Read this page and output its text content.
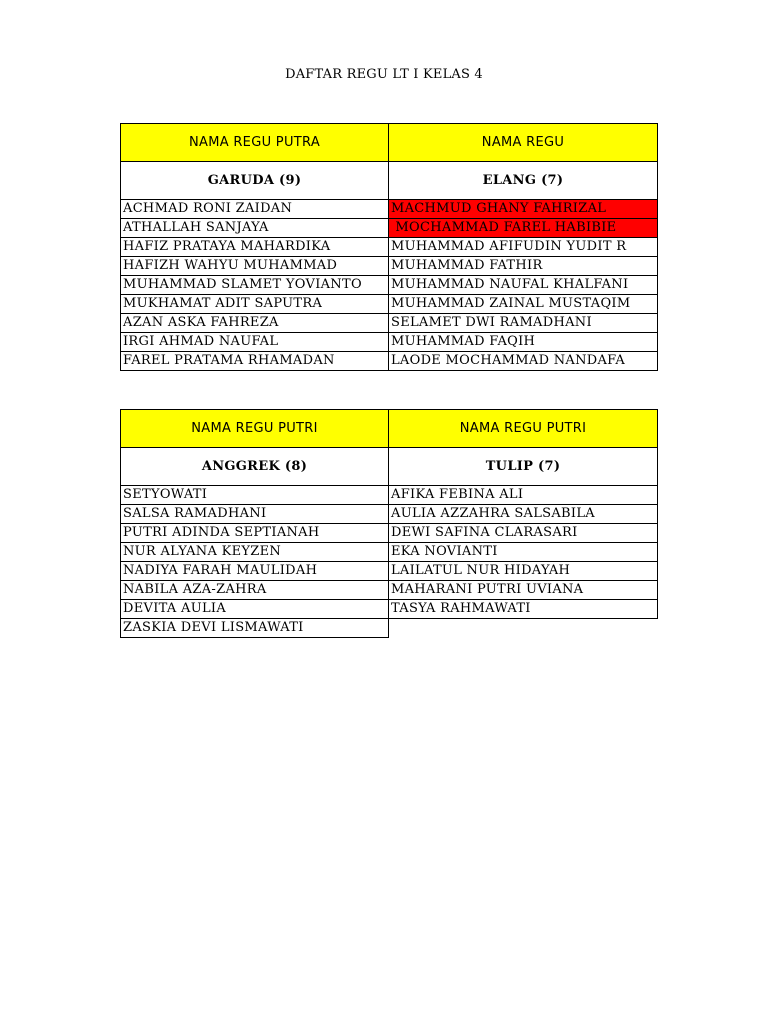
DAFTAR REGU LT I KELAS 4
NAMA REGU PUTRA	NAMA REGU
GARUDA (9)	ELANG (7)
ACHMAD RONI ZAIDAN	MACHMUD GHANY FAHRIZAL
ATHALLAH SANJAYA	MOCHAMMAD FAREL HABIBIE
HAFIZ PRATAYA MAHARDIKA	MUHAMMAD AFIFUDIN YUDIT R
HAFIZH WAHYU MUHAMMAD	MUHAMMAD FATHIR
MUHAMMAD SLAMET YOVIANTO	MUHAMMAD NAUFAL KHALFANI
MUKHAMAT ADIT SAPUTRA	MUHAMMAD ZAINAL MUSTAQIM
AZAN ASKA FAHREZA	SELAMET DWI RAMADHANI
IRGI AHMAD NAUFAL	MUHAMMAD FAQIH
FAREL PRATAMA RHAMADAN	LAODE MOCHAMMAD NANDAFA
NAMA REGU PUTRI	NAMA REGU PUTRI
ANGGREK (8)	TULIP (7)
SETYOWATI	AFIKA FEBINA ALI
SALSA RAMADHANI	AULIA AZZAHRA SALSABILA
PUTRI ADINDA SEPTIANAH	DEWI SAFINA CLARASARI
NUR ALYANA KEYZEN	EKA NOVIANTI
NADIYA FARAH MAULIDAH	LAILATUL NUR HIDAYAH
NABILA AZA-ZAHRA	MAHARANI PUTRI UVIANA
DEVITA AULIA	TASYA RAHMAWATI
ZASKIA DEVI LISMAWATI	
